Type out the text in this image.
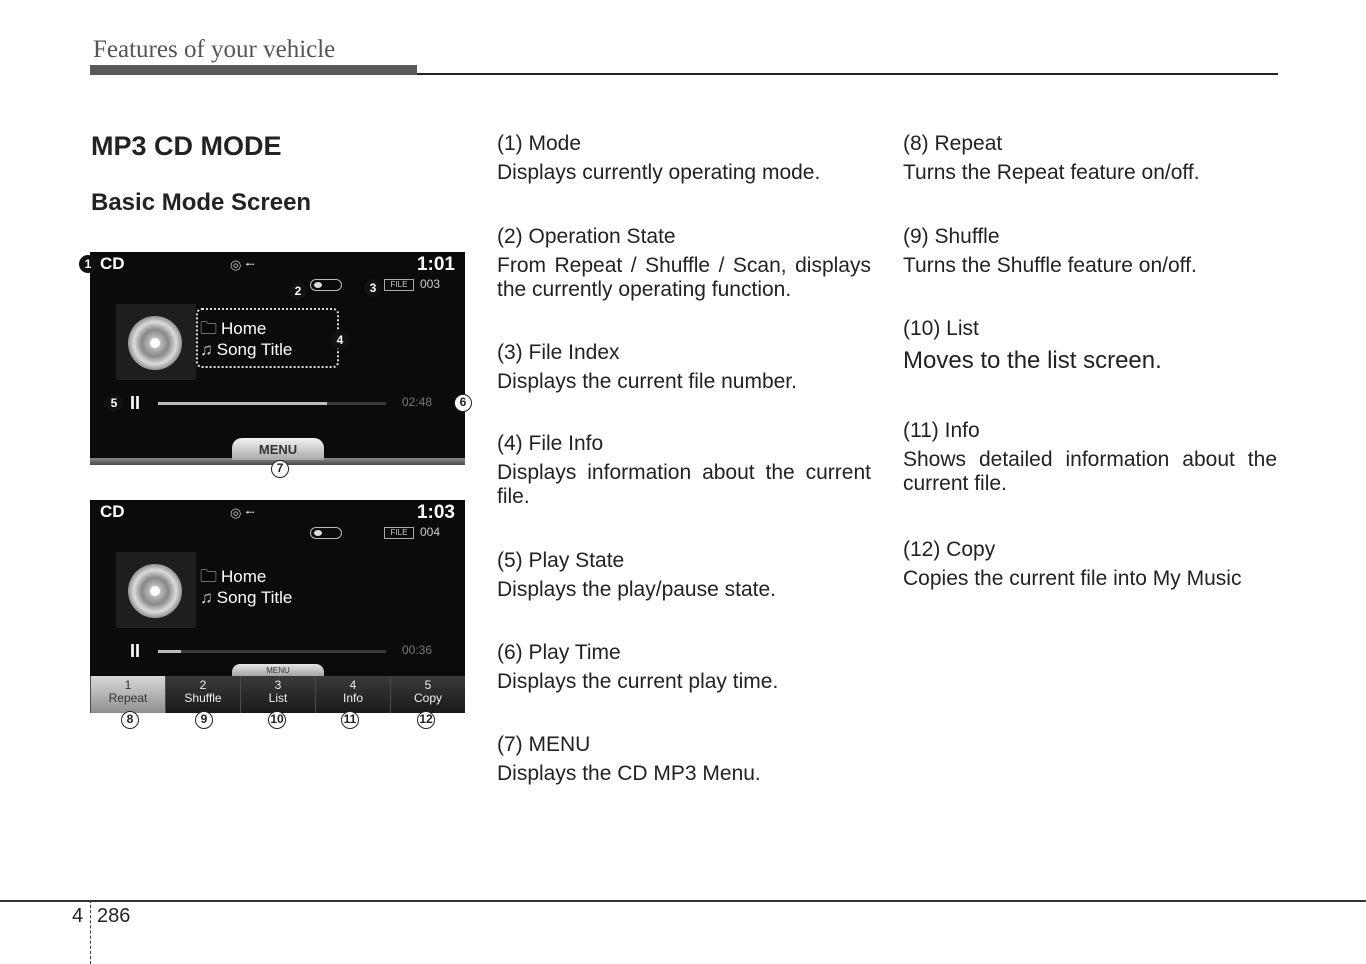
Features of your vehicle
MP3 CD MODE
Basic Mode Screen
CD	◎ ⭪	1:01
FILE	003
🗀 Home
♫ Song Title
II	02:48
MENU
1
2	3
4
5	6
7
CD	◎ ⭪	1:03
FILE	004
🗀 Home
♫ Song Title
II	00:36
MENU
1
Repeat
2
Shuffle
3
List
4
Info
5
Copy
8	9	10	11	12
(1) Mode
Displays currently operating mode.
(2) Operation State
From Repeat / Shuffle / Scan, displays the currently operating function.
(3) File Index
Displays the current file number.
(4) File Info
Displays information about the current file.
(5) Play State
Displays the play/pause state.
(6) Play Time
Displays the current play time.
(7) MENU
Displays the CD MP3 Menu.
(8) Repeat
Turns the Repeat feature on/off.
(9) Shuffle
Turns the Shuffle feature on/off.
(10) List
Moves to the list screen.
(11) Info
Shows detailed information about the current file.
(12) Copy
Copies the current file into My Music
4 286
